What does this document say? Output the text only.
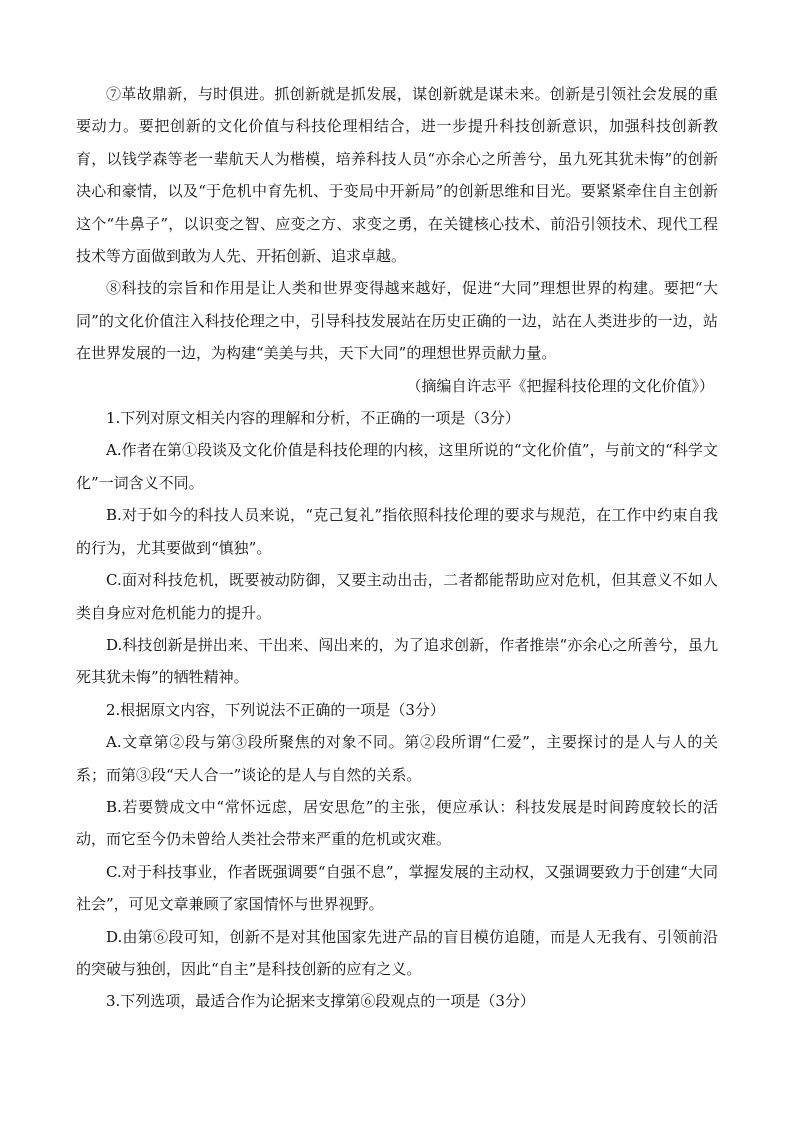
⑦革故鼎新，与时俱进。抓创新就是抓发展，谋创新就是谋未来。创新是引领社会发展的重要动力。要把创新的文化价值与科技伦理相结合，进一步提升科技创新意识，加强科技创新教育，以钱学森等老一辈航天人为楷模，培养科技人员“亦余心之所善兮，虽九死其犹未悔”的创新决心和豪情，以及“于危机中育先机、于变局中开新局”的创新思维和目光。要紧紧牵住自主创新这个“牛鼻子”，以识变之智、应变之方、求变之勇，在关键核心技术、前沿引领技术、现代工程技术等方面做到敢为人先、开拓创新、追求卓越。

⑧科技的宗旨和作用是让人类和世界变得越来越好，促进“大同”理想世界的构建。要把“大同”的文化价值注入科技伦理之中，引导科技发展站在历史正确的一边，站在人类进步的一边，站在世界发展的一边，为构建“美美与共，天下大同”的理想世界贡献力量。

（摘编自许志平《把握科技伦理的文化价值》）

1.下列对原文相关内容的理解和分析，不正确的一项是（3分）

A.作者在第①段谈及文化价值是科技伦理的内核，这里所说的“文化价值”，与前文的“科学文化”一词含义不同。

B.对于如今的科技人员来说，“克己复礼”指依照科技伦理的要求与规范，在工作中约束自我的行为，尤其要做到“慎独”。

C.面对科技危机，既要被动防御，又要主动出击，二者都能帮助应对危机，但其意义不如人类自身应对危机能力的提升。

D.科技创新是拼出来、干出来、闯出来的，为了追求创新，作者推崇“亦余心之所善兮，虽九死其犹未悔”的牺牲精神。

2.根据原文内容，下列说法不正确的一项是（3分）

A.文章第②段与第③段所聚焦的对象不同。第②段所谓“仁爱”，主要探讨的是人与人的关系；而第③段“天人合一”谈论的是人与自然的关系。

B.若要赞成文中“常怀远虑，居安思危”的主张，便应承认：科技发展是时间跨度较长的活动，而它至今仍未曾给人类社会带来严重的危机或灾难。

C.对于科技事业，作者既强调要“自强不息”，掌握发展的主动权，又强调要致力于创建“大同社会”，可见文章兼顾了家国情怀与世界视野。

D.由第⑥段可知，创新不是对其他国家先进产品的盲目模仿追随，而是人无我有、引领前沿的突破与独创，因此“自主”是科技创新的应有之义。

3.下列选项，最适合作为论据来支撑第⑥段观点的一项是（3分）
